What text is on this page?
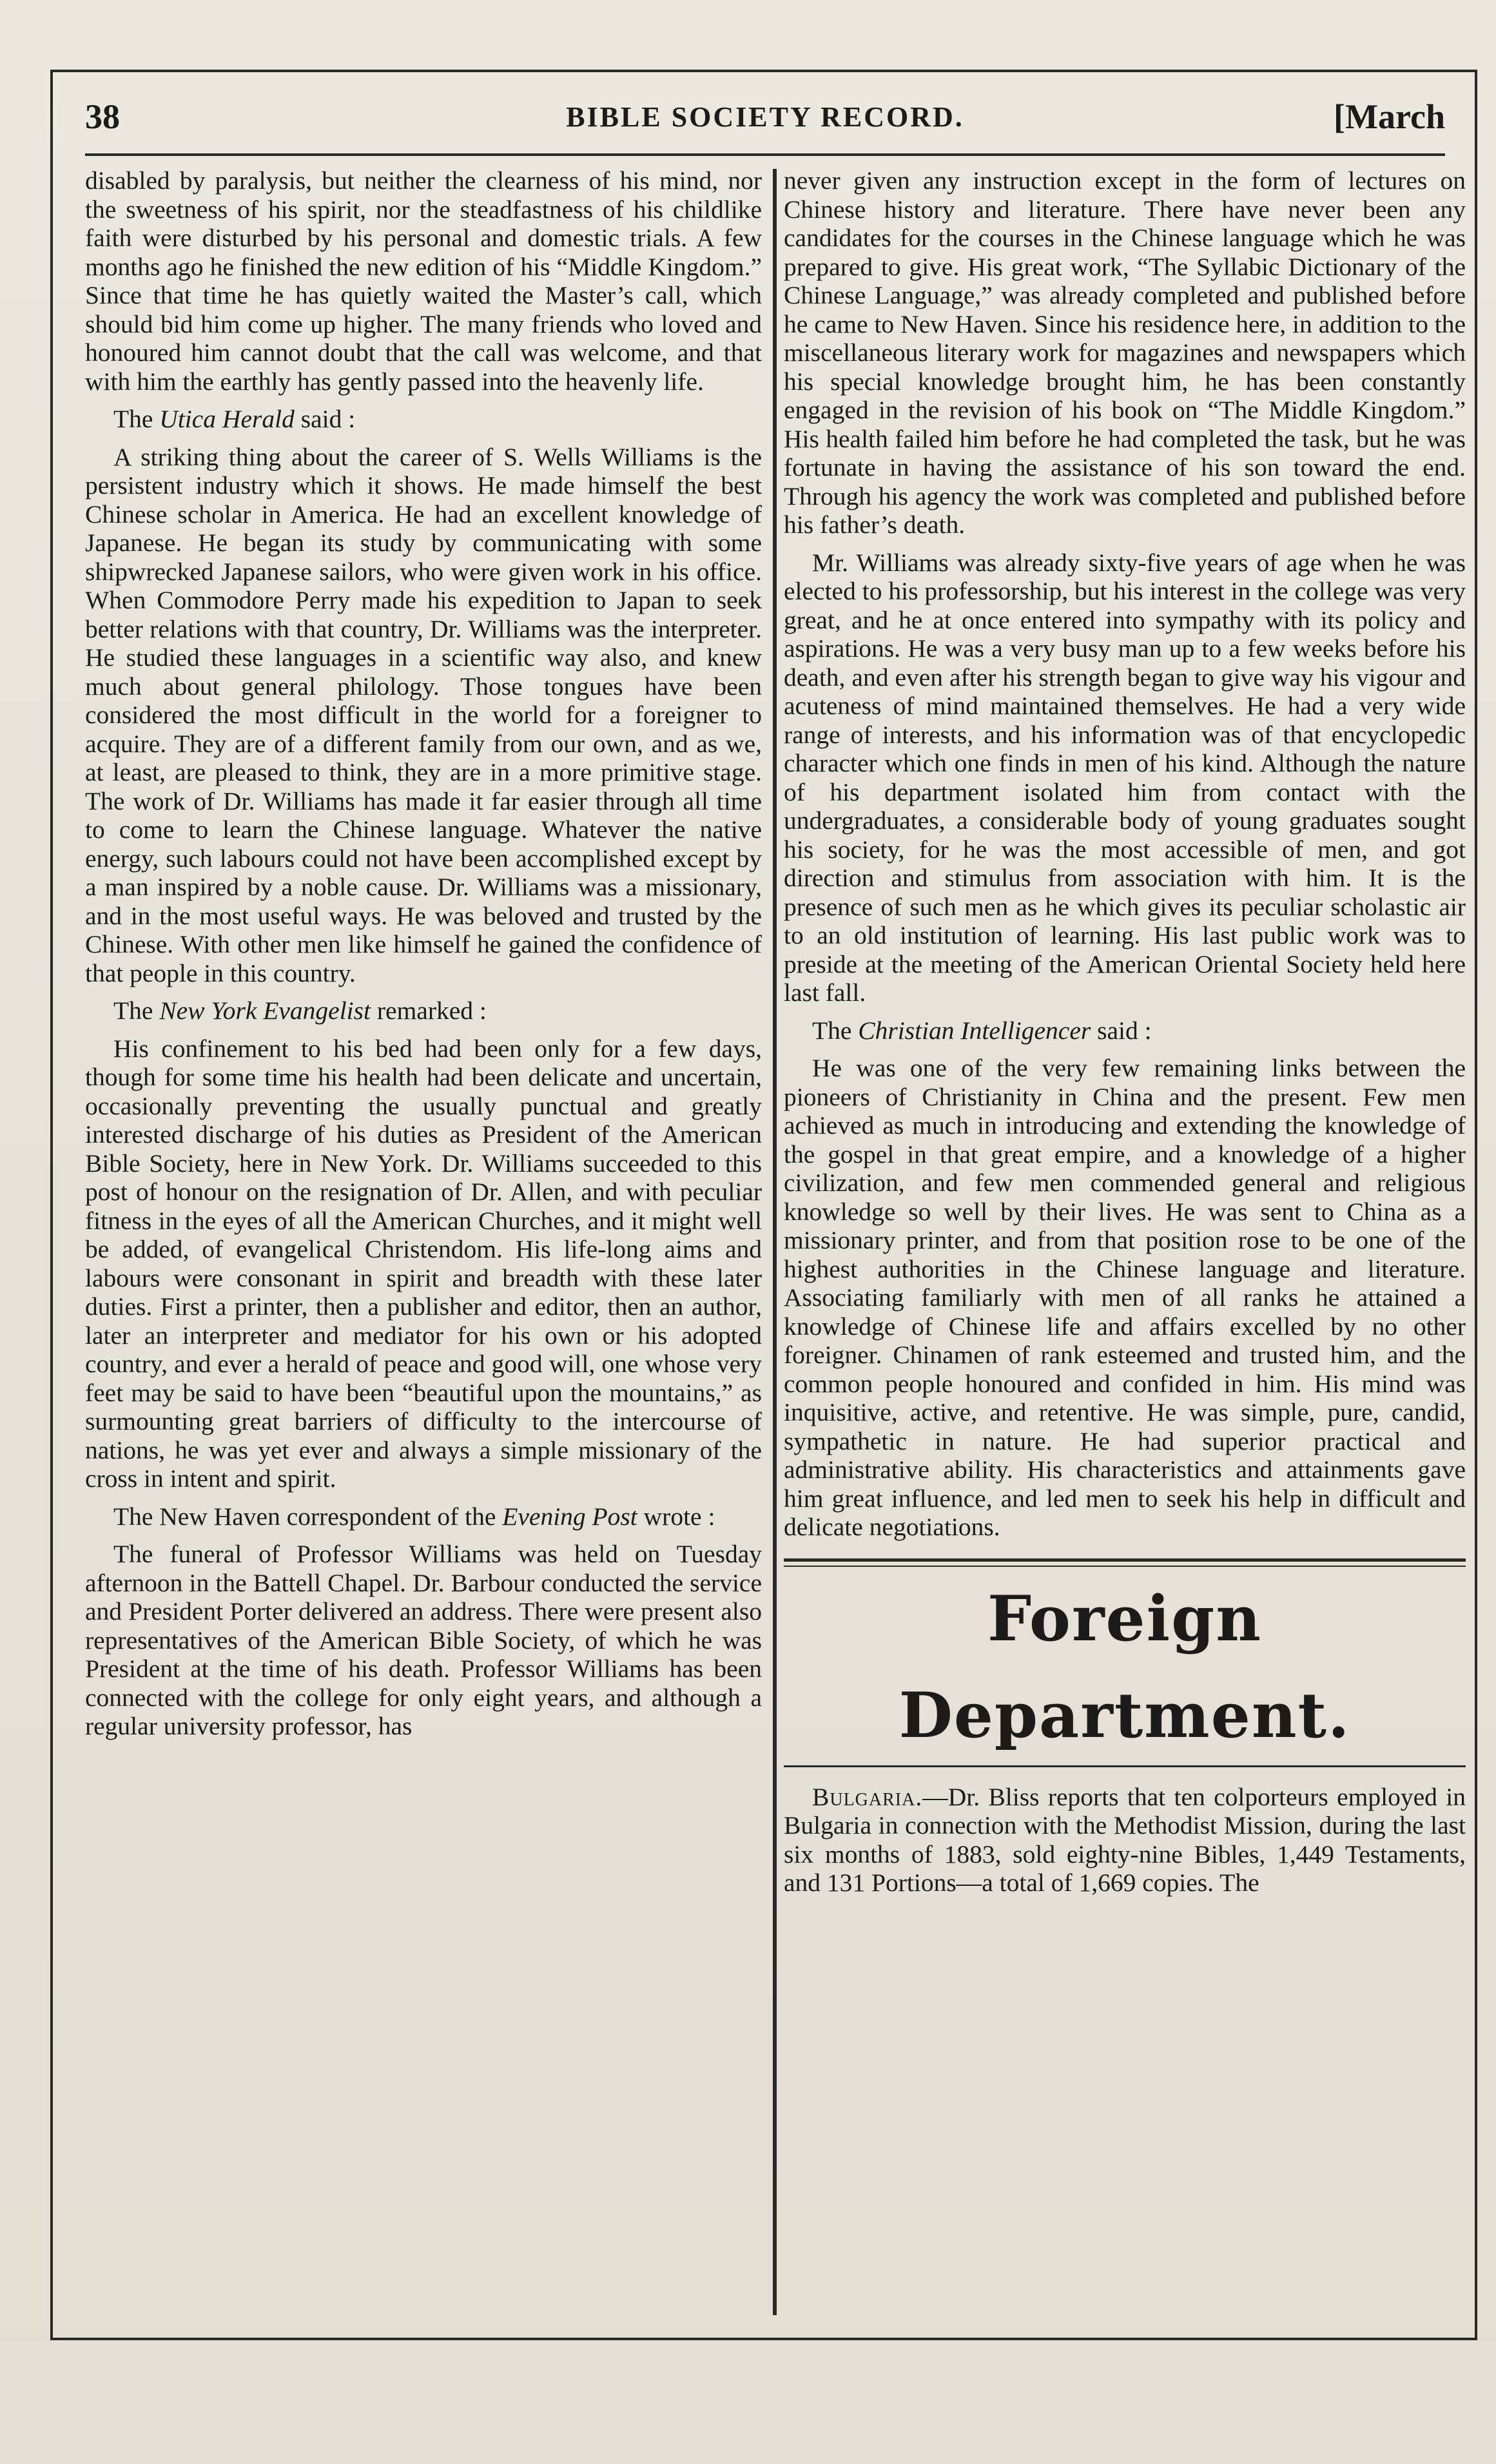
38	BIBLE SOCIETY RECORD.	[March

disabled by paralysis, but neither the clearness of his mind, nor the sweetness of his spirit, nor the steadfastness of his childlike faith were disturbed by his personal and domestic trials. A few months ago he finished the new edition of his “Middle Kingdom.” Since that time he has quietly waited the Master’s call, which should bid him come up higher. The many friends who loved and honoured him cannot doubt that the call was welcome, and that with him the earthly has gently passed into the heavenly life.

The Utica Herald said :

A striking thing about the career of S. Wells Williams is the persistent industry which it shows. He made himself the best Chinese scholar in America. He had an excellent knowledge of Japanese. He began its study by communicating with some shipwrecked Japanese sailors, who were given work in his office. When Commodore Perry made his expedition to Japan to seek better relations with that country, Dr. Williams was the interpreter. He studied these languages in a scientific way also, and knew much about general philology. Those tongues have been considered the most difficult in the world for a foreigner to acquire. They are of a different family from our own, and as we, at least, are pleased to think, they are in a more primitive stage. The work of Dr. Williams has made it far easier through all time to come to learn the Chinese language. Whatever the native energy, such labours could not have been accomplished except by a man inspired by a noble cause. Dr. Williams was a missionary, and in the most useful ways. He was beloved and trusted by the Chinese. With other men like himself he gained the confidence of that people in this country.

The New York Evangelist remarked :

His confinement to his bed had been only for a few days, though for some time his health had been delicate and uncertain, occasionally preventing the usually punctual and greatly interested discharge of his duties as President of the American Bible Society, here in New York. Dr. Williams succeeded to this post of honour on the resignation of Dr. Allen, and with peculiar fitness in the eyes of all the American Churches, and it might well be added, of evangelical Christendom. His life-long aims and labours were consonant in spirit and breadth with these later duties. First a printer, then a publisher and editor, then an author, later an interpreter and mediator for his own or his adopted country, and ever a herald of peace and good will, one whose very feet may be said to have been “beautiful upon the mountains,” as surmounting great barriers of difficulty to the intercourse of nations, he was yet ever and always a simple missionary of the cross in intent and spirit.

The New Haven correspondent of the Evening Post wrote :

The funeral of Professor Williams was held on Tuesday afternoon in the Battell Chapel. Dr. Barbour conducted the service and President Porter delivered an address. There were present also representatives of the American Bible Society, of which he was President at the time of his death. Professor Williams has been connected with the college for only eight years, and although a regular university professor, has

never given any instruction except in the form of lectures on Chinese history and literature. There have never been any candidates for the courses in the Chinese language which he was prepared to give. His great work, “The Syllabic Dictionary of the Chinese Language,” was already completed and published before he came to New Haven. Since his residence here, in addition to the miscellaneous literary work for magazines and newspapers which his special knowledge brought him, he has been constantly engaged in the revision of his book on “The Middle Kingdom.” His health failed him before he had completed the task, but he was fortunate in having the assistance of his son toward the end. Through his agency the work was completed and published before his father’s death.

Mr. Williams was already sixty-five years of age when he was elected to his professorship, but his interest in the college was very great, and he at once entered into sympathy with its policy and aspirations. He was a very busy man up to a few weeks before his death, and even after his strength began to give way his vigour and acuteness of mind maintained themselves. He had a very wide range of interests, and his information was of that encyclopedic character which one finds in men of his kind. Although the nature of his department isolated him from contact with the undergraduates, a considerable body of young graduates sought his society, for he was the most accessible of men, and got direction and stimulus from association with him. It is the presence of such men as he which gives its peculiar scholastic air to an old institution of learning. His last public work was to preside at the meeting of the American Oriental Society held here last fall.

The Christian Intelligencer said :

He was one of the very few remaining links between the pioneers of Christianity in China and the present. Few men achieved as much in introducing and extending the knowledge of the gospel in that great empire, and a knowledge of a higher civilization, and few men commended general and religious knowledge so well by their lives. He was sent to China as a missionary printer, and from that position rose to be one of the highest authorities in the Chinese language and literature. Associating familiarly with men of all ranks he attained a knowledge of Chinese life and affairs excelled by no other foreigner. Chinamen of rank esteemed and trusted him, and the common people honoured and confided in him. His mind was inquisitive, active, and retentive. He was simple, pure, candid, sympathetic in nature. He had superior practical and administrative ability. His characteristics and attainments gave him great influence, and led men to seek his help in difficult and delicate negotiations.

Foreign Department.

Bulgaria.—Dr. Bliss reports that ten colporteurs employed in Bulgaria in connection with the Methodist Mission, during the last six months of 1883, sold eighty-nine Bibles, 1,449 Testaments, and 131 Portions—a total of 1,669 copies. The
